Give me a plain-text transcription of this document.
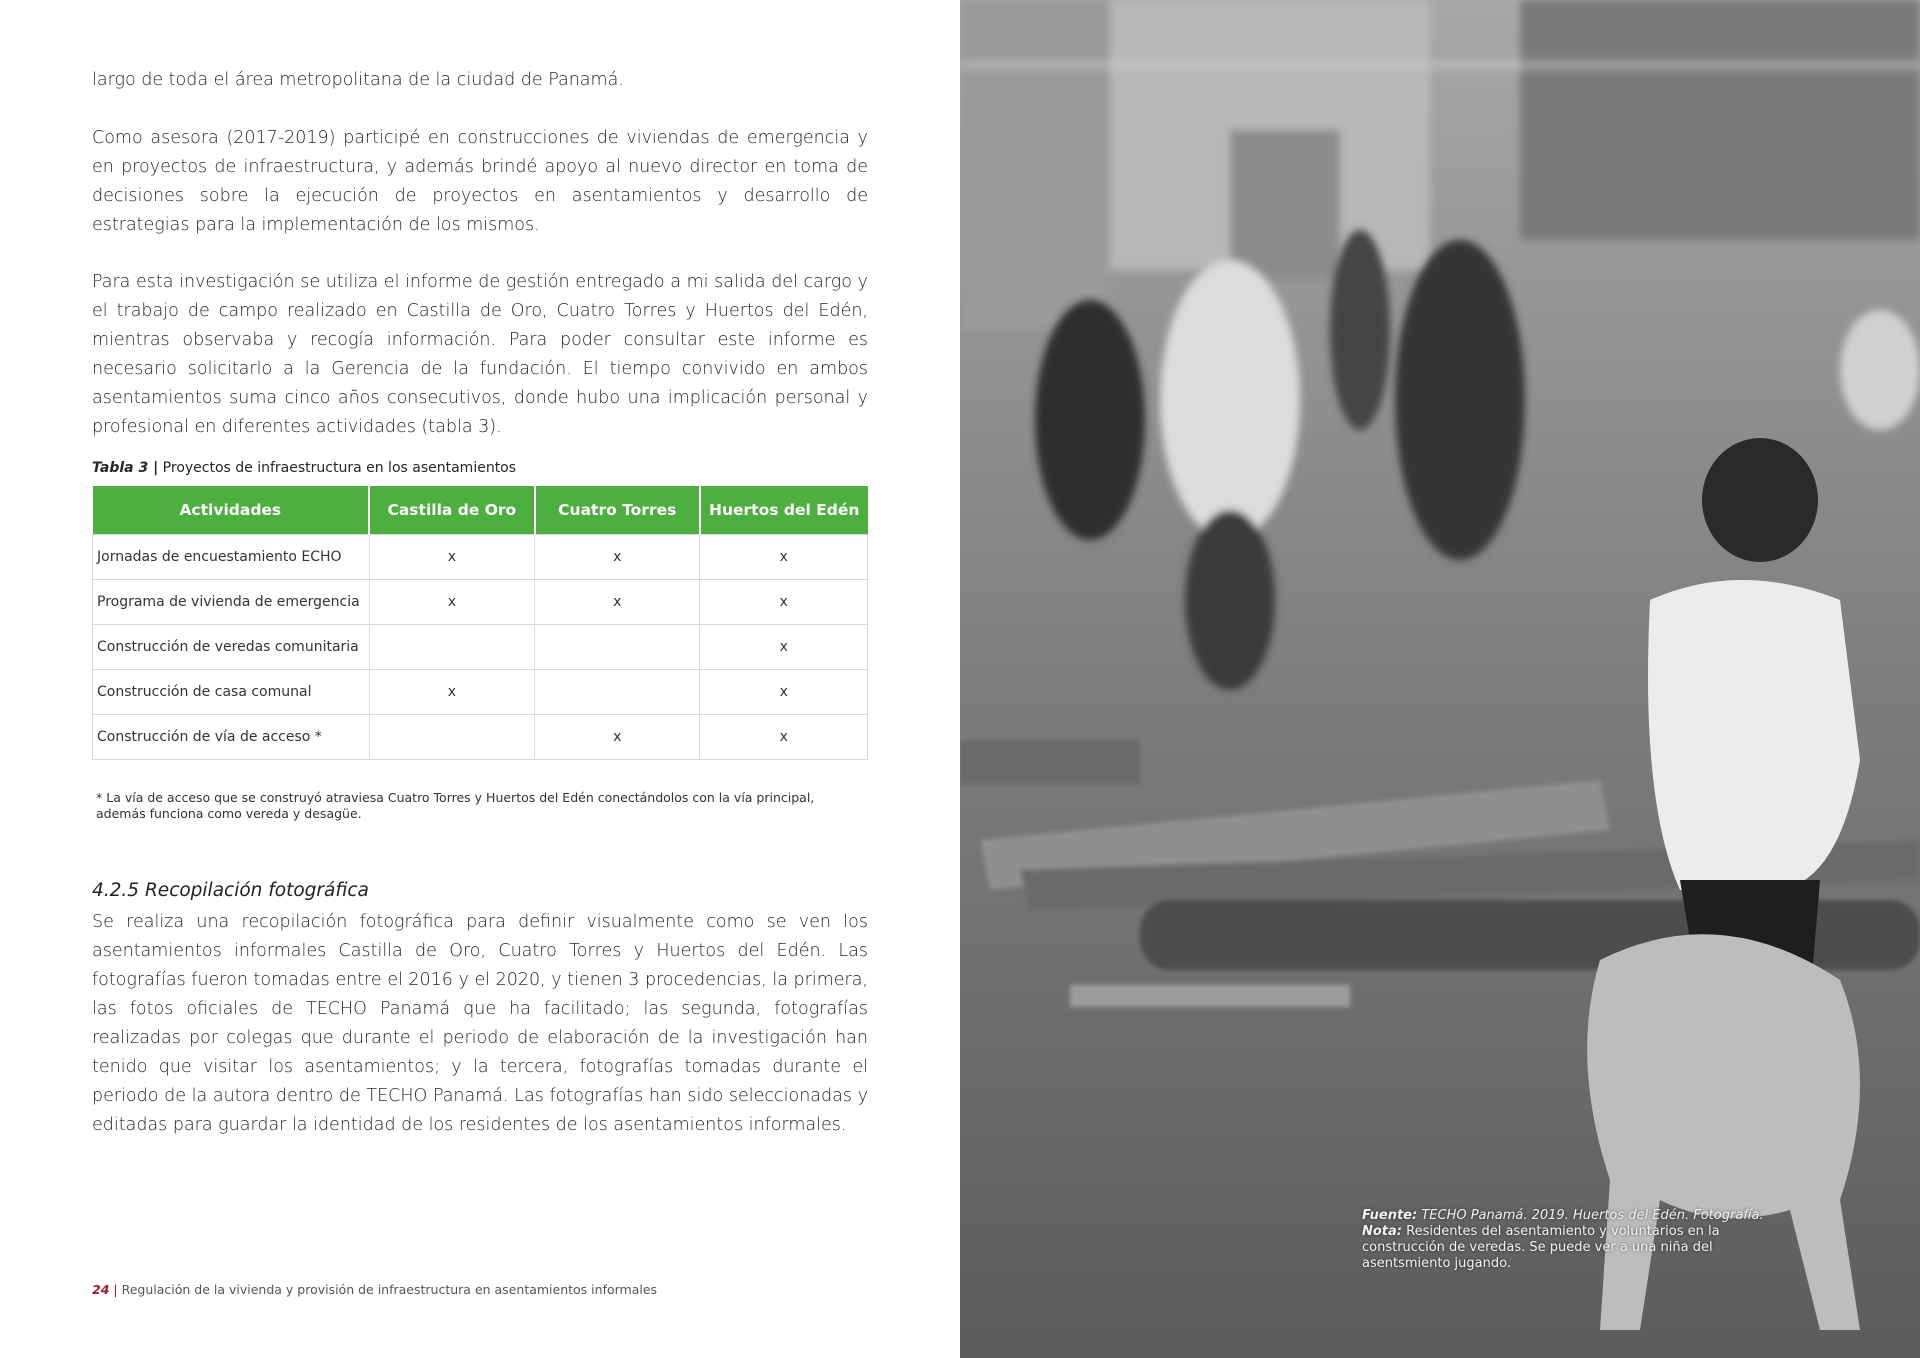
largo de toda el área metropolitana de la ciudad de Panamá.

Como asesora (2017-2019) participé en construcciones de viviendas de emergencia y en proyectos de infraestructura, y además brindé apoyo al nuevo director en toma de decisiones sobre la ejecución de proyectos en asentamientos y desarrollo de estrategias para la implementación de los mismos.

Para esta investigación se utiliza el informe de gestión entregado a mi salida del cargo y el trabajo de campo realizado en Castilla de Oro, Cuatro Torres y Huertos del Edén, mientras observaba y recogía información. Para poder consultar este informe es necesario solicitarlo a la Gerencia de la fundación. El tiempo convivido en ambos asentamientos suma cinco años consecutivos, donde hubo una implicación personal y profesional en diferentes actividades (tabla 3).

Tabla 3 | Proyectos de infraestructura en los asentamientos

Actividades	Castilla de Oro	Cuatro Torres	Huertos del Edén
Jornadas de encuestamiento ECHO	x	x	x
Programa de vivienda de emergencia	x	x	x
Construcción de veredas comunitaria			x
Construcción de casa comunal	x		x
Construcción de vía de acceso *		x	x

* La vía de acceso que se construyó atraviesa Cuatro Torres y Huertos del Edén conectándolos con la vía principal, además funciona como vereda y desagüe.

4.2.5 Recopilación fotográfica

Se realiza una recopilación fotográfica para definir visualmente como se ven los asentamientos informales Castilla de Oro, Cuatro Torres y Huertos del Edén. Las fotografías fueron tomadas entre el 2016 y el 2020, y tienen 3 procedencias, la primera, las fotos oficiales de TECHO Panamá que ha facilitado; las segunda, fotografías realizadas por colegas que durante el periodo de elaboración de la investigación han tenido que visitar los asentamientos; y la tercera, fotografías tomadas durante el periodo de la autora dentro de TECHO Panamá. Las fotografías han sido seleccionadas y editadas para guardar la identidad de los residentes de los asentamientos informales.

24 | Regulación de la vivienda y provisión de infraestructura en asentamientos informales

Fuente: TECHO Panamá. 2019. Huertos del Edén. Fotografía.
Nota: Residentes del asentamiento y voluntarios en la construcción de veredas. Se puede ver a una niña del asentsmiento jugando.
